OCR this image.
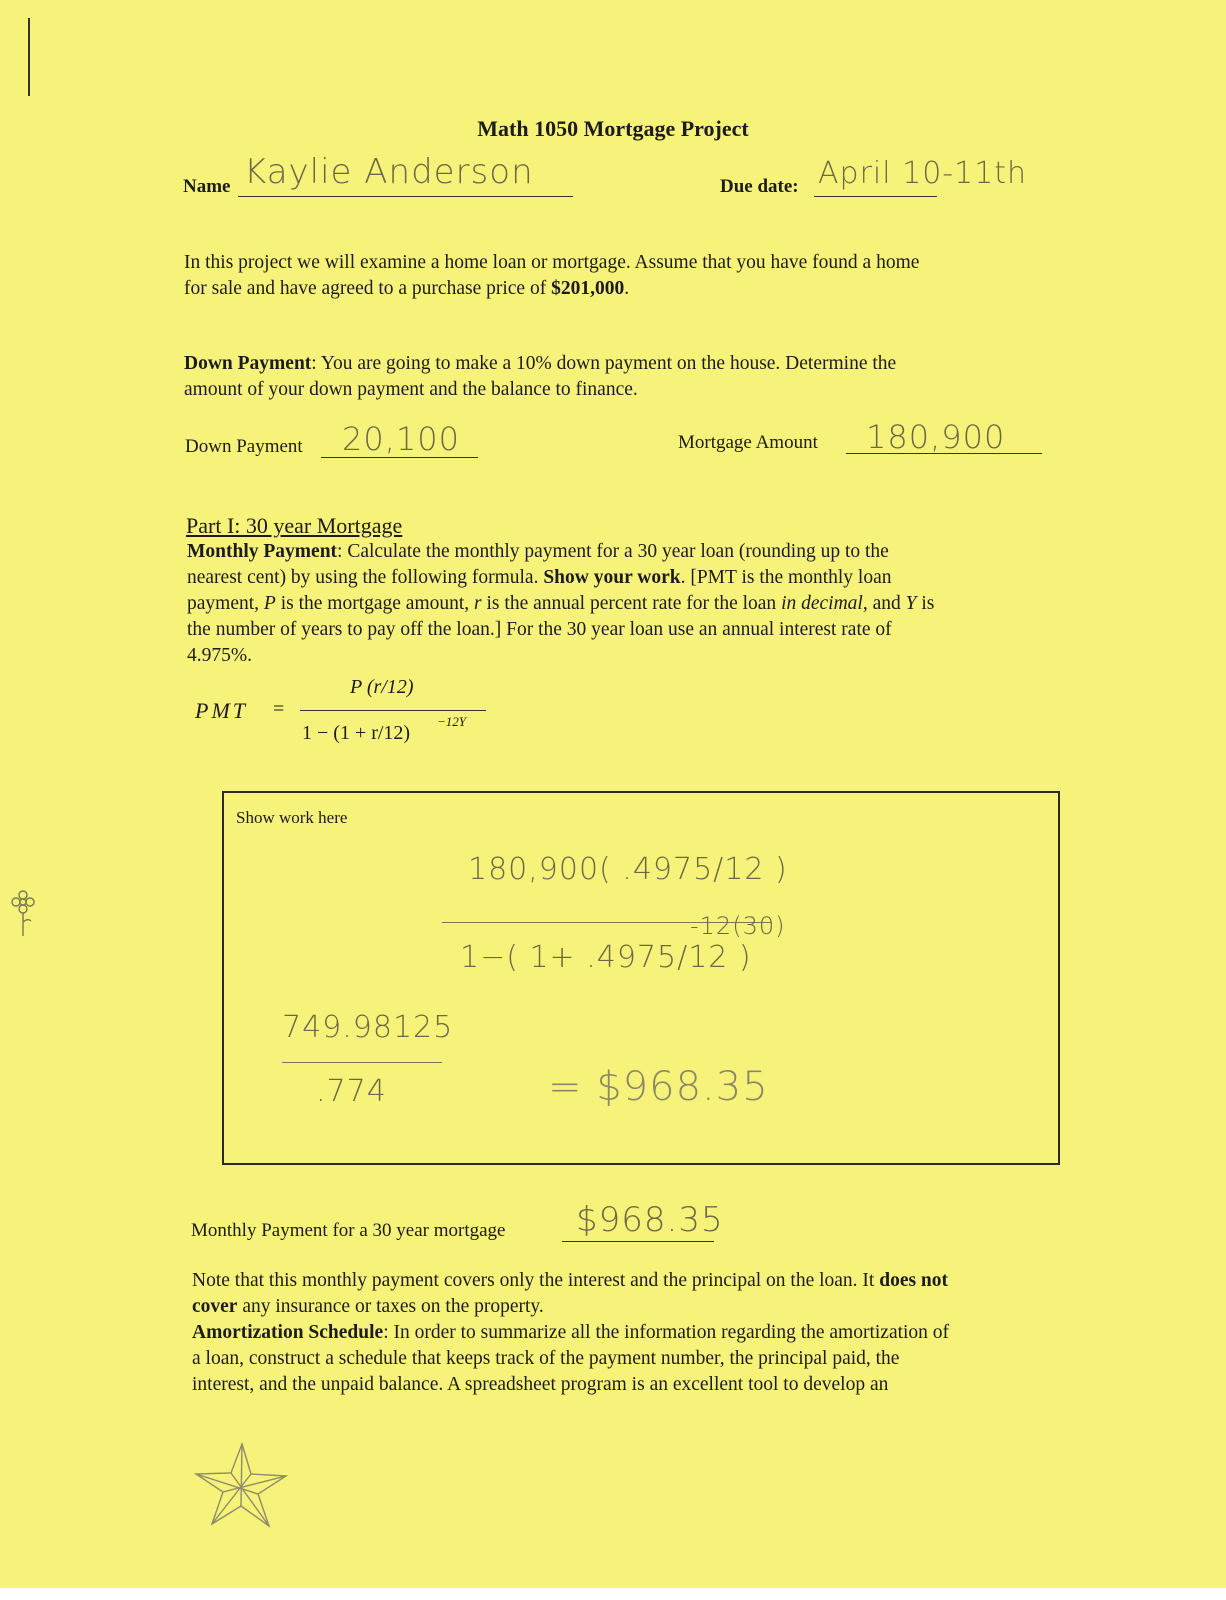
Math 1050 Mortgage Project
Name Kaylie Anderson	Due date: April 10-11th
In this project we will examine a home loan or mortgage. Assume that you have found a home
for sale and have agreed to a purchase price of $201,000.
Down Payment: You are going to make a 10% down payment on the house. Determine the
amount of your down payment and the balance to finance.
Down Payment 20,100	Mortgage Amount 180,900
Part I: 30 year Mortgage
Monthly Payment: Calculate the monthly payment for a 30 year loan (rounding up to the
nearest cent) by using the following formula. Show your work. [PMT is the monthly loan
payment, P is the mortgage amount, r is the annual percent rate for the loan in decimal, and Y is
the number of years to pay off the loan.] For the 30 year loan use an annual interest rate of
4.975%.
PMT =
P (r/12)
1 − (1 + r/12)
−12Y
Show work here
180,900( .4975/12 )
1−( 1+ .4975/12 )
-12(30)
749.98125
.774	= $968.35
Monthly Payment for a 30 year mortgage $968.35
Note that this monthly payment covers only the interest and the principal on the loan. It does not
cover any insurance or taxes on the property.
Amortization Schedule: In order to summarize all the information regarding the amortization of
a loan, construct a schedule that keeps track of the payment number, the principal paid, the
interest, and the unpaid balance. A spreadsheet program is an excellent tool to develop an
